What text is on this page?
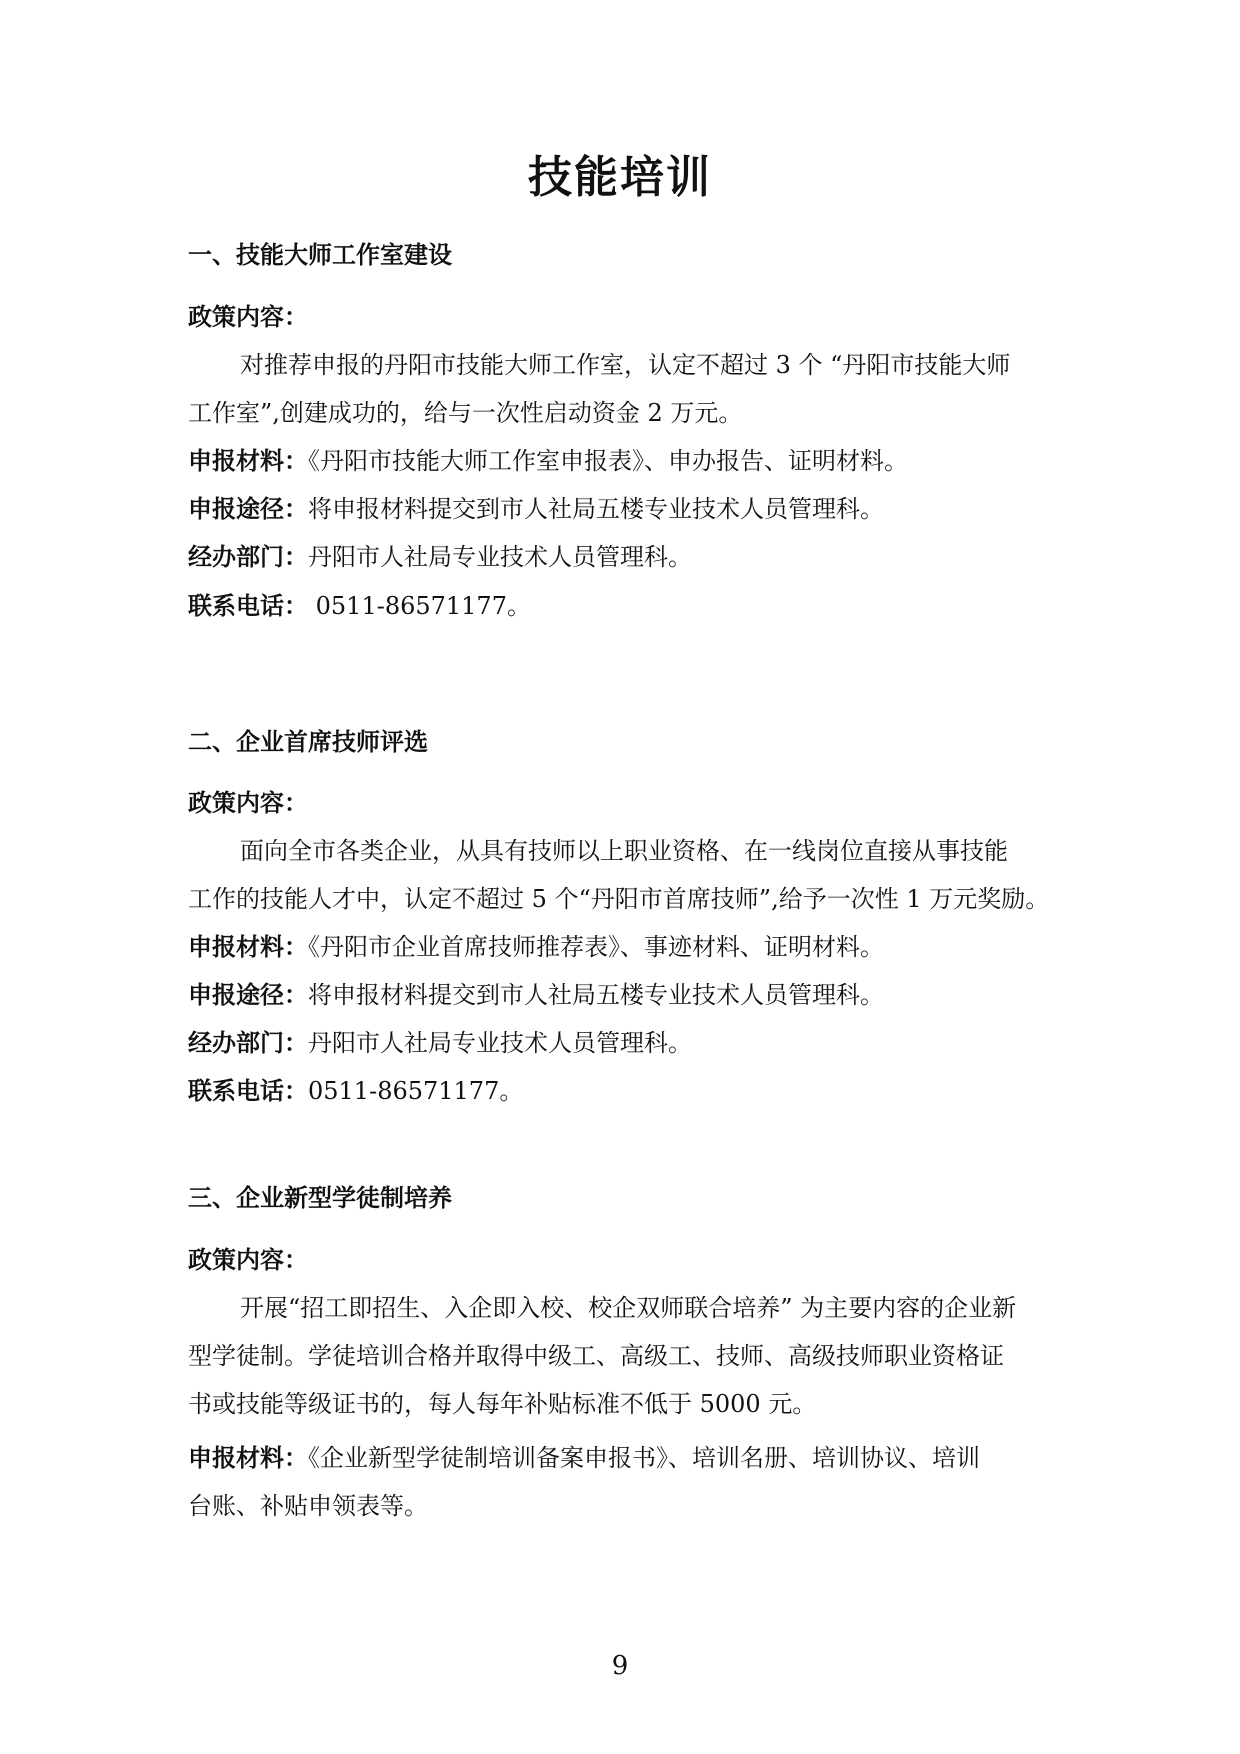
技能培训
一、技能大师工作室建设
政策内容：
对推荐申报的丹阳市技能大师工作室，认定不超过 3 个 “丹阳市技能大师
工作室”,创建成功的，给与一次性启动资金 2 万元。
申报材料：《丹阳市技能大师工作室申报表》、申办报告、证明材料。
申报途径：将申报材料提交到市人社局五楼专业技术人员管理科。
经办部门：丹阳市人社局专业技术人员管理科。
联系电话： 0511-86571177。
二、企业首席技师评选
政策内容：
面向全市各类企业，从具有技师以上职业资格、在一线岗位直接从事技能
工作的技能人才中，认定不超过 5 个“丹阳市首席技师”,给予一次性 1 万元奖励。
申报材料：《丹阳市企业首席技师推荐表》、事迹材料、证明材料。
申报途径：将申报材料提交到市人社局五楼专业技术人员管理科。
经办部门：丹阳市人社局专业技术人员管理科。
联系电话：0511-86571177。
三、企业新型学徒制培养
政策内容：
开展“招工即招生、入企即入校、校企双师联合培养” 为主要内容的企业新
型学徒制。学徒培训合格并取得中级工、高级工、技师、高级技师职业资格证
书或技能等级证书的，每人每年补贴标准不低于 5000 元。
申报材料：《企业新型学徒制培训备案申报书》、培训名册、培训协议、培训
台账、补贴申领表等。
9
